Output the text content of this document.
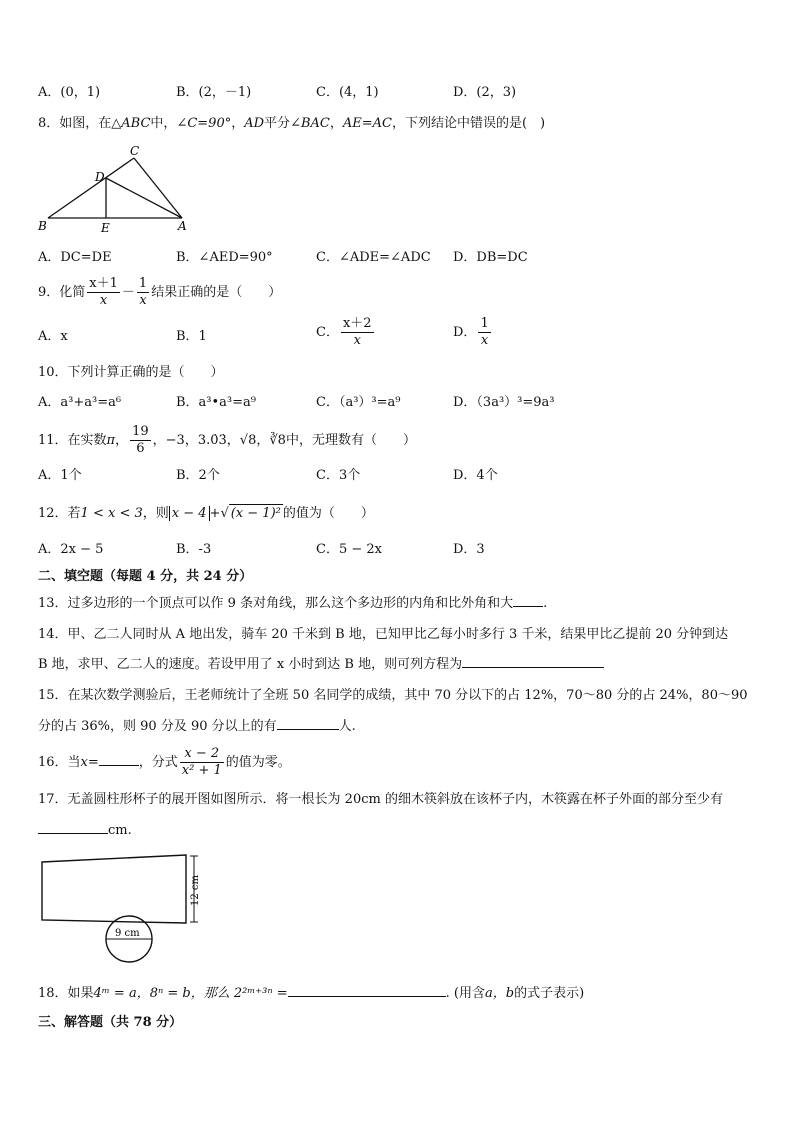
A．(0，1)	B．(2，－1)	C．(4，1)	D．(2，3)
8．如图，在△ABC中，∠C=90°，AD平分∠BAC，AE=AC，下列结论中错误的是(　)
C
D
B	E	A
A．DC=DE	B．∠AED=90°	C．∠ADE=∠ADC D．DB=DC
9．化简 $\frac{x+1}{x} - \frac{1}{x}$ 结果正确的是（　　）
A．x	B．1	C． $\frac{x+2}{x}$	D． $\frac{1}{x}$
10．下列计算正确的是（　　）
A．a³+a³=a⁶	B．a³•a³=a⁹	C．（a³）³=a⁹	D．（3a³）³=9a³
11．在实数π， $\frac{19}{6}$ ，−3，3.0̇3̇，√8，∛8中，无理数有（　　）
A．1个	B．2个	C．3个	D．4个
12．若1 < x < 3，则 x − 4 +√ (x − 1)² 的值为（　　）
A．2x − 5	B．-3	C．5 − 2x	D．3
二、填空题（每题 4 分，共 24 分）
13．过多边形的一个顶点可以作 9 条对角线，那么这个多边形的内角和比外角和大 .
14．甲、乙二人同时从 A 地出发，骑车 20 千米到 B 地，已知甲比乙每小时多行 3 千米，结果甲比乙提前 20 分钟到达
B 地，求甲、乙二人的速度。若设甲用了 x 小时到达 B 地，则可列方程为
15．在某次数学测验后，王老师统计了全班 50 名同学的成绩，其中 70 分以下的占 12%，70～80 分的占 24%，80～90
分的占 36%，则 90 分及 90 分以上的有	人.
16．当x=	，分式 $\frac{x - 2}{\text{x² + 1}}$ 的值为零。
17．无盖圆柱形杯子的展开图如图所示．将一根长为 20cm 的细木筷斜放在该杯子内，木筷露在杯子外面的部分至少有
cm.
12 cm
9 cm
18．如果4ᵐ = a，8ⁿ = b，那么 2²ᵐ⁺³ⁿ =	. (用含a，b的式子表示)
三、解答题（共 78 分）
